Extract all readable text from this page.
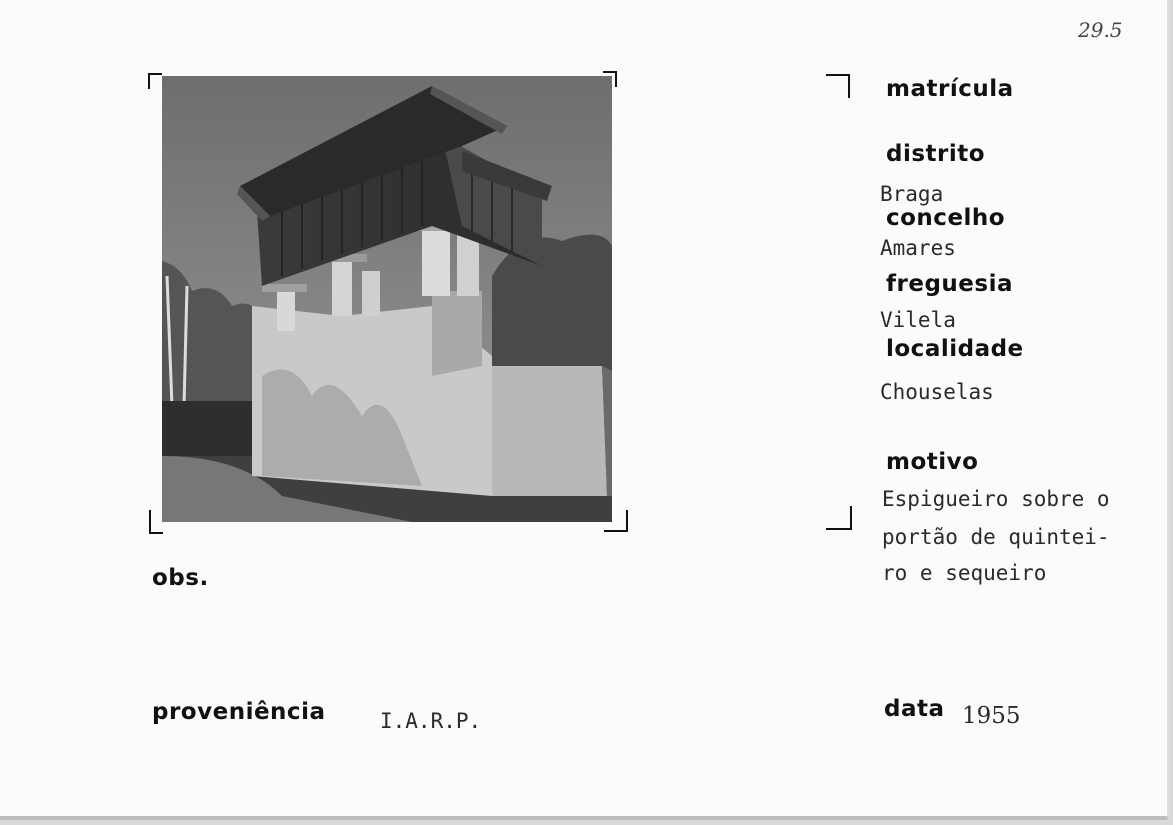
29.5
matrícula
distrito
Braga
concelho
Amares
freguesia
Vilela
localidade
Chouselas
motivo
Espigueiro sobre o
portão de quintei-
ro e sequeiro
obs.
proveniência	I.A.R.P.	data 1955
